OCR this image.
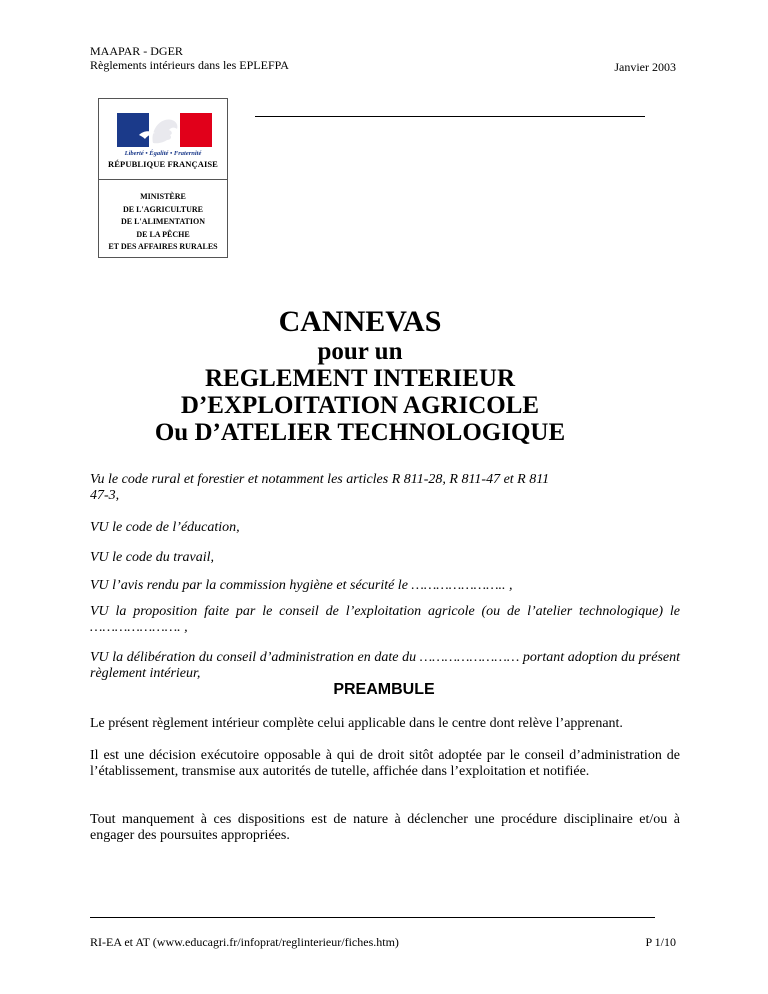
MAAPAR - DGER
Règlements intérieurs dans les EPLEFPA	Janvier 2003
Liberté • Égalité • Fraternité
RÉPUBLIQUE FRANÇAISE
MINISTÈRE
DE L'AGRICULTURE
DE L'ALIMENTATION
DE LA PÊCHE
ET DES AFFAIRES RURALES
CANNEVAS
pour un
REGLEMENT INTERIEUR
D’EXPLOITATION AGRICOLE
Ou D’ATELIER TECHNOLOGIQUE
Vu le code rural et forestier et notamment les articles R 811-28, R 811-47 et R 811 47-3,
VU le code de l’éducation,
VU le code du travail,
VU l’avis rendu par la commission hygiène et sécurité le ………………….. ,
VU la proposition faite par le conseil de l’exploitation agricole (ou de l’atelier technologique) le …………………. ,
VU la délibération du conseil d’administration en date du …………………… portant adoption du présent règlement intérieur,
PREAMBULE
Le présent règlement intérieur complète celui applicable dans le centre dont relève l’apprenant.
Il est une décision exécutoire opposable à qui de droit sitôt adoptée par le conseil d’administration de l’établissement, transmise aux autorités de tutelle, affichée dans l’exploitation et notifiée.
Tout manquement à ces dispositions est de nature à déclencher une procédure disciplinaire et/ou à engager des poursuites appropriées.
RI-EA et AT (www.educagri.fr/infoprat/reglinterieur/fiches.htm)	P 1/10
